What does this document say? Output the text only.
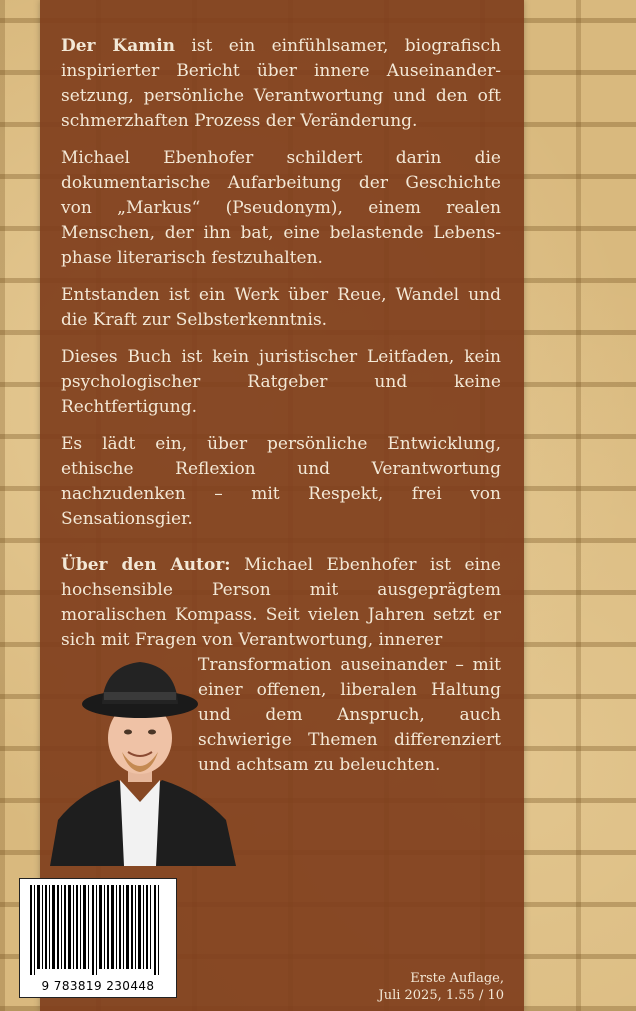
Der Kamin ist ein einfühlsamer, biografisch inspirierter Bericht über innere Auseinandersetzung, persönliche Verantwortung und den oft schmerzhaften Prozess der Veränderung.

Michael Ebenhofer schildert darin die dokumentarische Aufarbeitung der Geschichte von „Markus“ (Pseudonym), einem realen Menschen, der ihn bat, eine belastende Lebensphase literarisch festzuhalten.

Entstanden ist ein Werk über Reue, Wandel und die Kraft zur Selbsterkenntnis.

Dieses Buch ist kein juristischer Leitfaden, kein psychologischer Ratgeber und keine Rechtfertigung.

Es lädt ein, über persönliche Entwicklung, ethische Reflexion und Verantwortung nachzudenken – mit Respekt, frei von Sensationsgier.

Über den Autor: Michael Ebenhofer ist eine hochsensible Person mit ausgeprägtem moralischen Kompass. Seit vielen Jahren setzt er sich mit Fragen von Verantwortung, innerer
Transformation auseinander – mit einer offenen, liberalen Haltung und dem Anspruch, auch schwierige Themen differenziert und achtsam zu beleuchten.
9 783819 230448	Erste Auflage,
Juli 2025, 1.55 / 10
